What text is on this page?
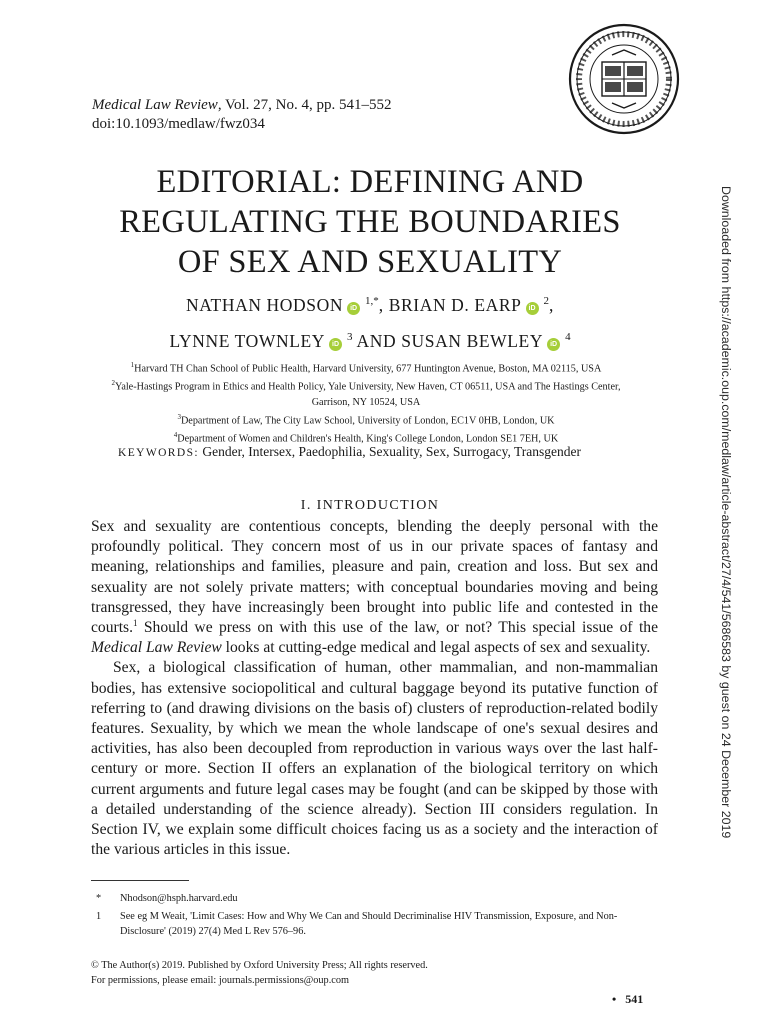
Medical Law Review, Vol. 27, No. 4, pp. 541–552
doi:10.1093/medlaw/fwz034
EDITORIAL: DEFINING AND
REGULATING THE BOUNDARIES
OF SEX AND SEXUALITY
NATHAN HODSON iD $^{1,*}$, BRIAN D. EARP iD $^2$,
LYNNE TOWNLEY iD $^3$ AND SUSAN BEWLEY iD $^4$
$^1$Harvard TH Chan School of Public Health, Harvard University, 677 Huntington Avenue, Boston, MA 02115, USA
$^2$Yale-Hastings Program in Ethics and Health Policy, Yale University, New Haven, CT 06511, USA and The Hastings Center, Garrison, NY 10524, USA
$^3$Department of Law, The City Law School, University of London, EC1V 0HB, London, UK
$^4$Department of Women and Children's Health, King's College London, London SE1 7EH, UK
KEYWORDS: Gender, Intersex, Paedophilia, Sexuality, Sex, Surrogacy, Transgender
I. INTRODUCTION

Sex and sexuality are contentious concepts, blending the deeply personal with the profoundly political. They concern most of us in our private spaces of fantasy and meaning, relationships and families, pleasure and pain, creation and loss. But sex and sexuality are not solely private matters; with conceptual boundaries moving and being transgressed, they have increasingly been brought into public life and contested in the courts.$^1$ Should we press on with this use of the law, or not? This special issue of the Medical Law Review looks at cutting-edge medical and legal aspects of sex and sexuality.

Sex, a biological classification of human, other mammalian, and non-mammalian bodies, has extensive sociopolitical and cultural baggage beyond its putative function of referring to (and drawing divisions on the basis of) clusters of reproduction-related bodily features. Sexuality, by which we mean the whole landscape of one's sexual desires and activities, has also been decoupled from reproduction in various ways over the last half-century or more. Section II offers an explanation of the biological territory on which current arguments and future legal cases may be fought (and can be skipped by those with a detailed understanding of the science already). Section III considers regulation. In Section IV, we explain some difficult choices facing us as a society and the interaction of the various articles in this issue.

* Nhodson@hsph.harvard.edu
1 See eg M Weait, 'Limit Cases: How and Why We Can and Should Decriminalise HIV Transmission, Exposure, and Non-Disclosure' (2019) 27(4) Med L Rev 576–96.
© The Author(s) 2019. Published by Oxford University Press; All rights reserved.
For permissions, please email: journals.permissions@oup.com
• 541
Downloaded from https://academic.oup.com/medlaw/article-abstract/27/4/541/5686583 by guest on 24 December 2019
